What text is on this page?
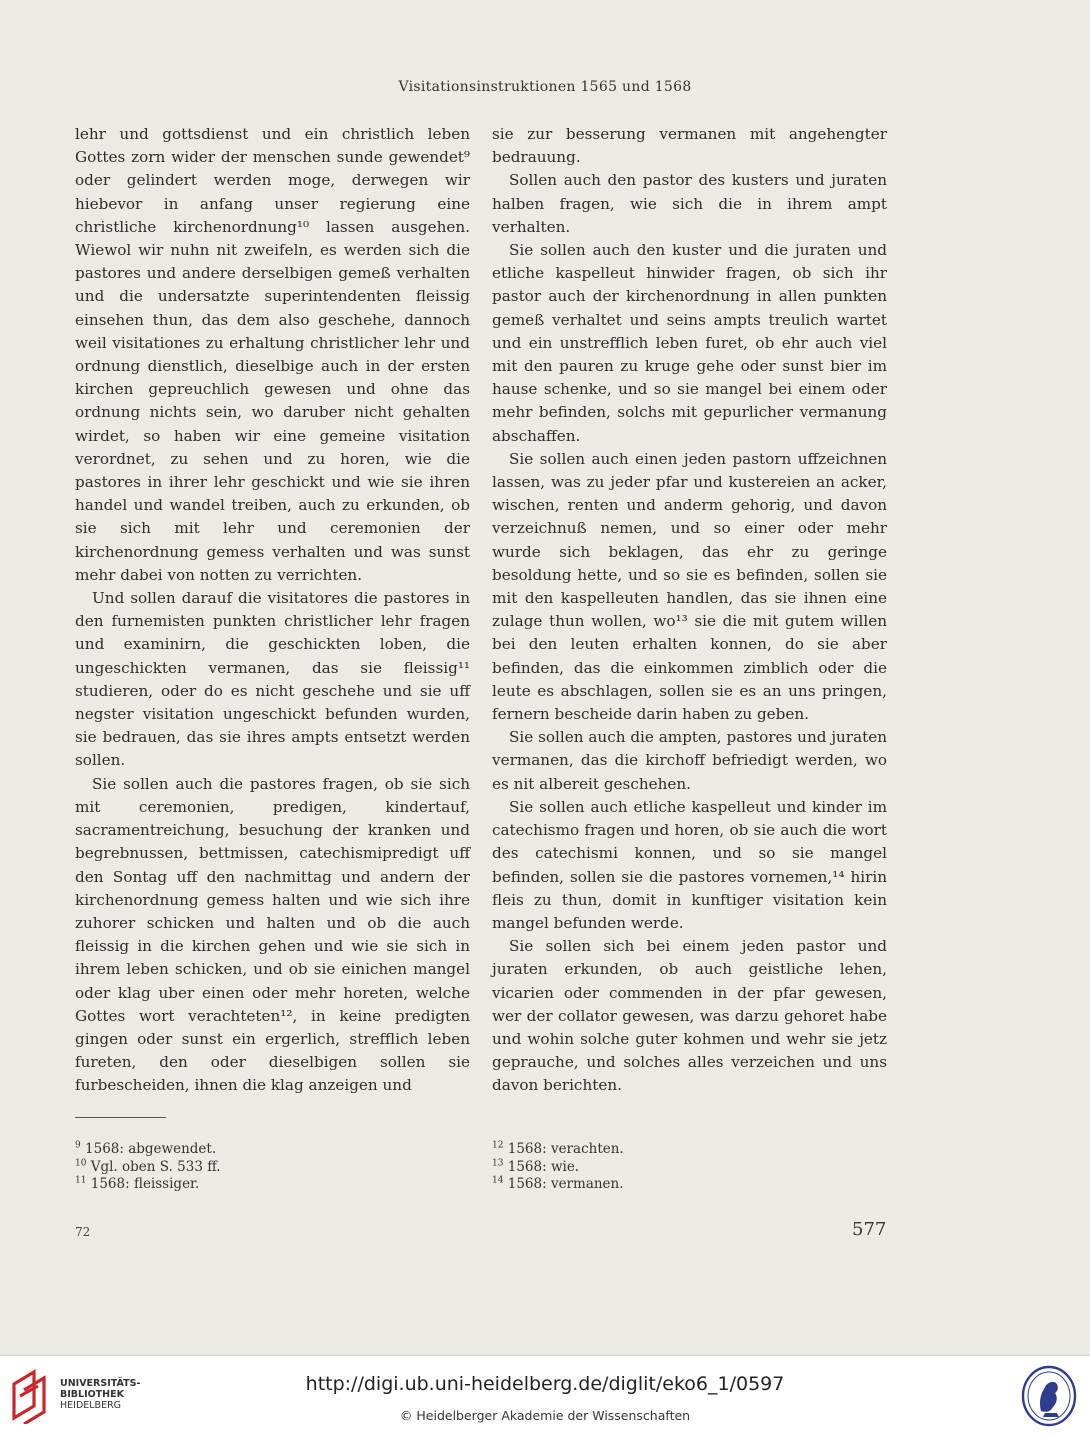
Visitationsinstruktionen 1565 und 1568

lehr und gottsdienst und ein christlich leben Gottes zorn wider der menschen sunde gewendet⁹ oder gelindert werden moge, derwegen wir hiebevor in anfang unser regierung eine christliche kirchenordnung¹⁰ lassen ausgehen. Wiewol wir nuhn nit zweifeln, es werden sich die pastores und andere derselbigen gemeß verhalten und die undersatzte superintendenten fleissig einsehen thun, das dem also geschehe, dannoch weil visitationes zu erhaltung christlicher lehr und ordnung dienstlich, dieselbige auch in der ersten kirchen gepreuchlich gewesen und ohne das ordnung nichts sein, wo daruber nicht gehalten wirdet, so haben wir eine gemeine visitation verordnet, zu sehen und zu horen, wie die pastores in ihrer lehr geschickt und wie sie ihren handel und wandel treiben, auch zu erkunden, ob sie sich mit lehr und ceremonien der kirchenordnung gemess verhalten und was sunst mehr dabei von notten zu verrichten.

Und sollen darauf die visitatores die pastores in den furnemisten punkten christlicher lehr fragen und examinirn, die geschickten loben, die ungeschickten vermanen, das sie fleissig¹¹ studieren, oder do es nicht geschehe und sie uff negster visitation ungeschickt befunden wurden, sie bedrauen, das sie ihres ampts entsetzt werden sollen.

Sie sollen auch die pastores fragen, ob sie sich mit ceremonien, predigen, kindertauf, sacramentreichung, besuchung der kranken und begrebnussen, bettmissen, catechismipredigt uff den Sontag uff den nachmittag und andern der kirchenordnung gemess halten und wie sich ihre zuhorer schicken und halten und ob die auch fleissig in die kirchen gehen und wie sie sich in ihrem leben schicken, und ob sie einichen mangel oder klag uber einen oder mehr horeten, welche Gottes wort verachteten¹², in keine predigten gingen oder sunst ein ergerlich, strefflich leben fureten, den oder dieselbigen sollen sie furbescheiden, ihnen die klag anzeigen und

sie zur besserung vermanen mit angehengter bedrauung.

Sollen auch den pastor des kusters und juraten halben fragen, wie sich die in ihrem ampt verhalten.

Sie sollen auch den kuster und die juraten und etliche kaspelleut hinwider fragen, ob sich ihr pastor auch der kirchenordnung in allen punkten gemeß verhaltet und seins ampts treulich wartet und ein unstrefflich leben furet, ob ehr auch viel mit den pauren zu kruge gehe oder sunst bier im hause schenke, und so sie mangel bei einem oder mehr befinden, solchs mit gepurlicher vermanung abschaffen.

Sie sollen auch einen jeden pastorn uffzeichnen lassen, was zu jeder pfar und kustereien an acker, wischen, renten und anderm gehorig, und davon verzeichnuß nemen, und so einer oder mehr wurde sich beklagen, das ehr zu geringe besoldung hette, und so sie es befinden, sollen sie mit den kaspelleuten handlen, das sie ihnen eine zulage thun wollen, wo¹³ sie die mit gutem willen bei den leuten erhalten konnen, do sie aber befinden, das die einkommen zimblich oder die leute es abschlagen, sollen sie es an uns pringen, fernern bescheide darin haben zu geben.

Sie sollen auch die ampten, pastores und juraten vermanen, das die kirchoff befriedigt werden, wo es nit albereit geschehen.

Sie sollen auch etliche kaspelleut und kinder im catechismo fragen und horen, ob sie auch die wort des catechismi konnen, und so sie mangel befinden, sollen sie die pastores vornemen,¹⁴ hirin fleis zu thun, domit in kunftiger visitation kein mangel befunden werde.

Sie sollen sich bei einem jeden pastor und juraten erkunden, ob auch geistliche lehen, vicarien oder commenden in der pfar gewesen, wer der collator gewesen, was darzu gehoret habe und wohin solche guter kohmen und wehr sie jetz geprauche, und solches alles verzeichen und uns davon berichten.

$^9$ 1568: abgewendet.
$^{10}$ Vgl. oben S. 533 ff.
$^{11}$ 1568: fleissiger.
$^{12}$ 1568: verachten.
$^{13}$ 1568: wie.
$^{14}$ 1568: vermanen.
72	577
UNIVERSITÄTS-
BIBLIOTHEK
HEIDELBERG
http://digi.ub.uni-heidelberg.de/diglit/eko6_1/0597
© Heidelberger Akademie der Wissenschaften
